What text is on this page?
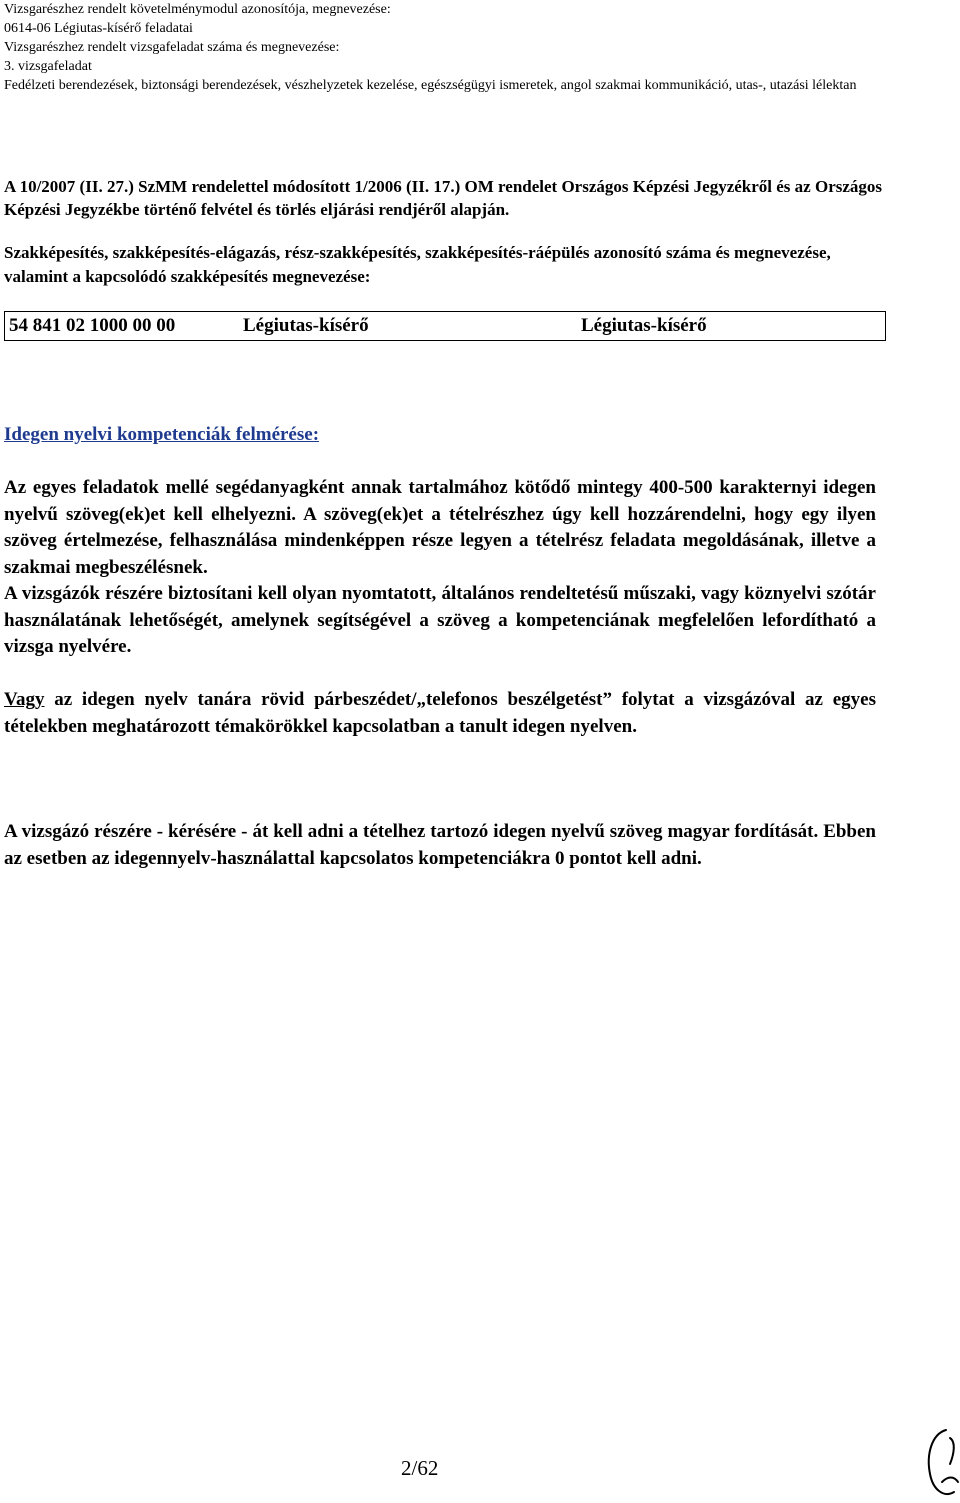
Vizsgarészhez rendelt követelménymodul azonosítója, megnevezése:
0614-06 Légiutas-kísérő feladatai
Vizsgarészhez rendelt vizsgafeladat száma és megnevezése:
3. vizsgafeladat
Fedélzeti berendezések, biztonsági berendezések, vészhelyzetek kezelése, egészségügyi ismeretek, angol szakmai kommunikáció, utas-, utazási lélektan
A 10/2007 (II. 27.) SzMM rendelettel módosított 1/2006 (II. 17.) OM rendelet Országos Képzési Jegyzékről és az Országos Képzési Jegyzékbe történő felvétel és törlés eljárási rendjéről alapján.
Szakképesítés, szakképesítés-elágazás, rész-szakképesítés, szakképesítés-ráépülés azonosító száma és megnevezése, valamint a kapcsolódó szakképesítés megnevezése:
54 841 02 1000 00 00	Légiutas-kísérő	Légiutas-kísérő
Idegen nyelvi kompetenciák felmérése:
Az egyes feladatok mellé segédanyagként annak tartalmához kötődő mintegy 400-500 karakternyi idegen nyelvű szöveg(ek)et kell elhelyezni. A szöveg(ek)et a tételrészhez úgy kell hozzárendelni, hogy egy ilyen szöveg értelmezése, felhasználása mindenképpen része legyen a tételrész feladata megoldásának, illetve a szakmai megbeszélésnek.
A vizsgázók részére biztosítani kell olyan nyomtatott, általános rendeltetésű műszaki, vagy köznyelvi szótár használatának lehetőségét, amelynek segítségével a szöveg a kompetenciának megfelelően lefordítható a vizsga nyelvére.
Vagy az idegen nyelv tanára rövid párbeszédet/„telefonos beszélgetést” folytat a vizsgázóval az egyes tételekben meghatározott témakörökkel kapcsolatban a tanult idegen nyelven.
A vizsgázó részére - kérésére - át kell adni a tételhez tartozó idegen nyelvű szöveg magyar fordítását. Ebben az esetben az idegennyelv-használattal kapcsolatos kompetenciákra 0 pontot kell adni.
2/62
